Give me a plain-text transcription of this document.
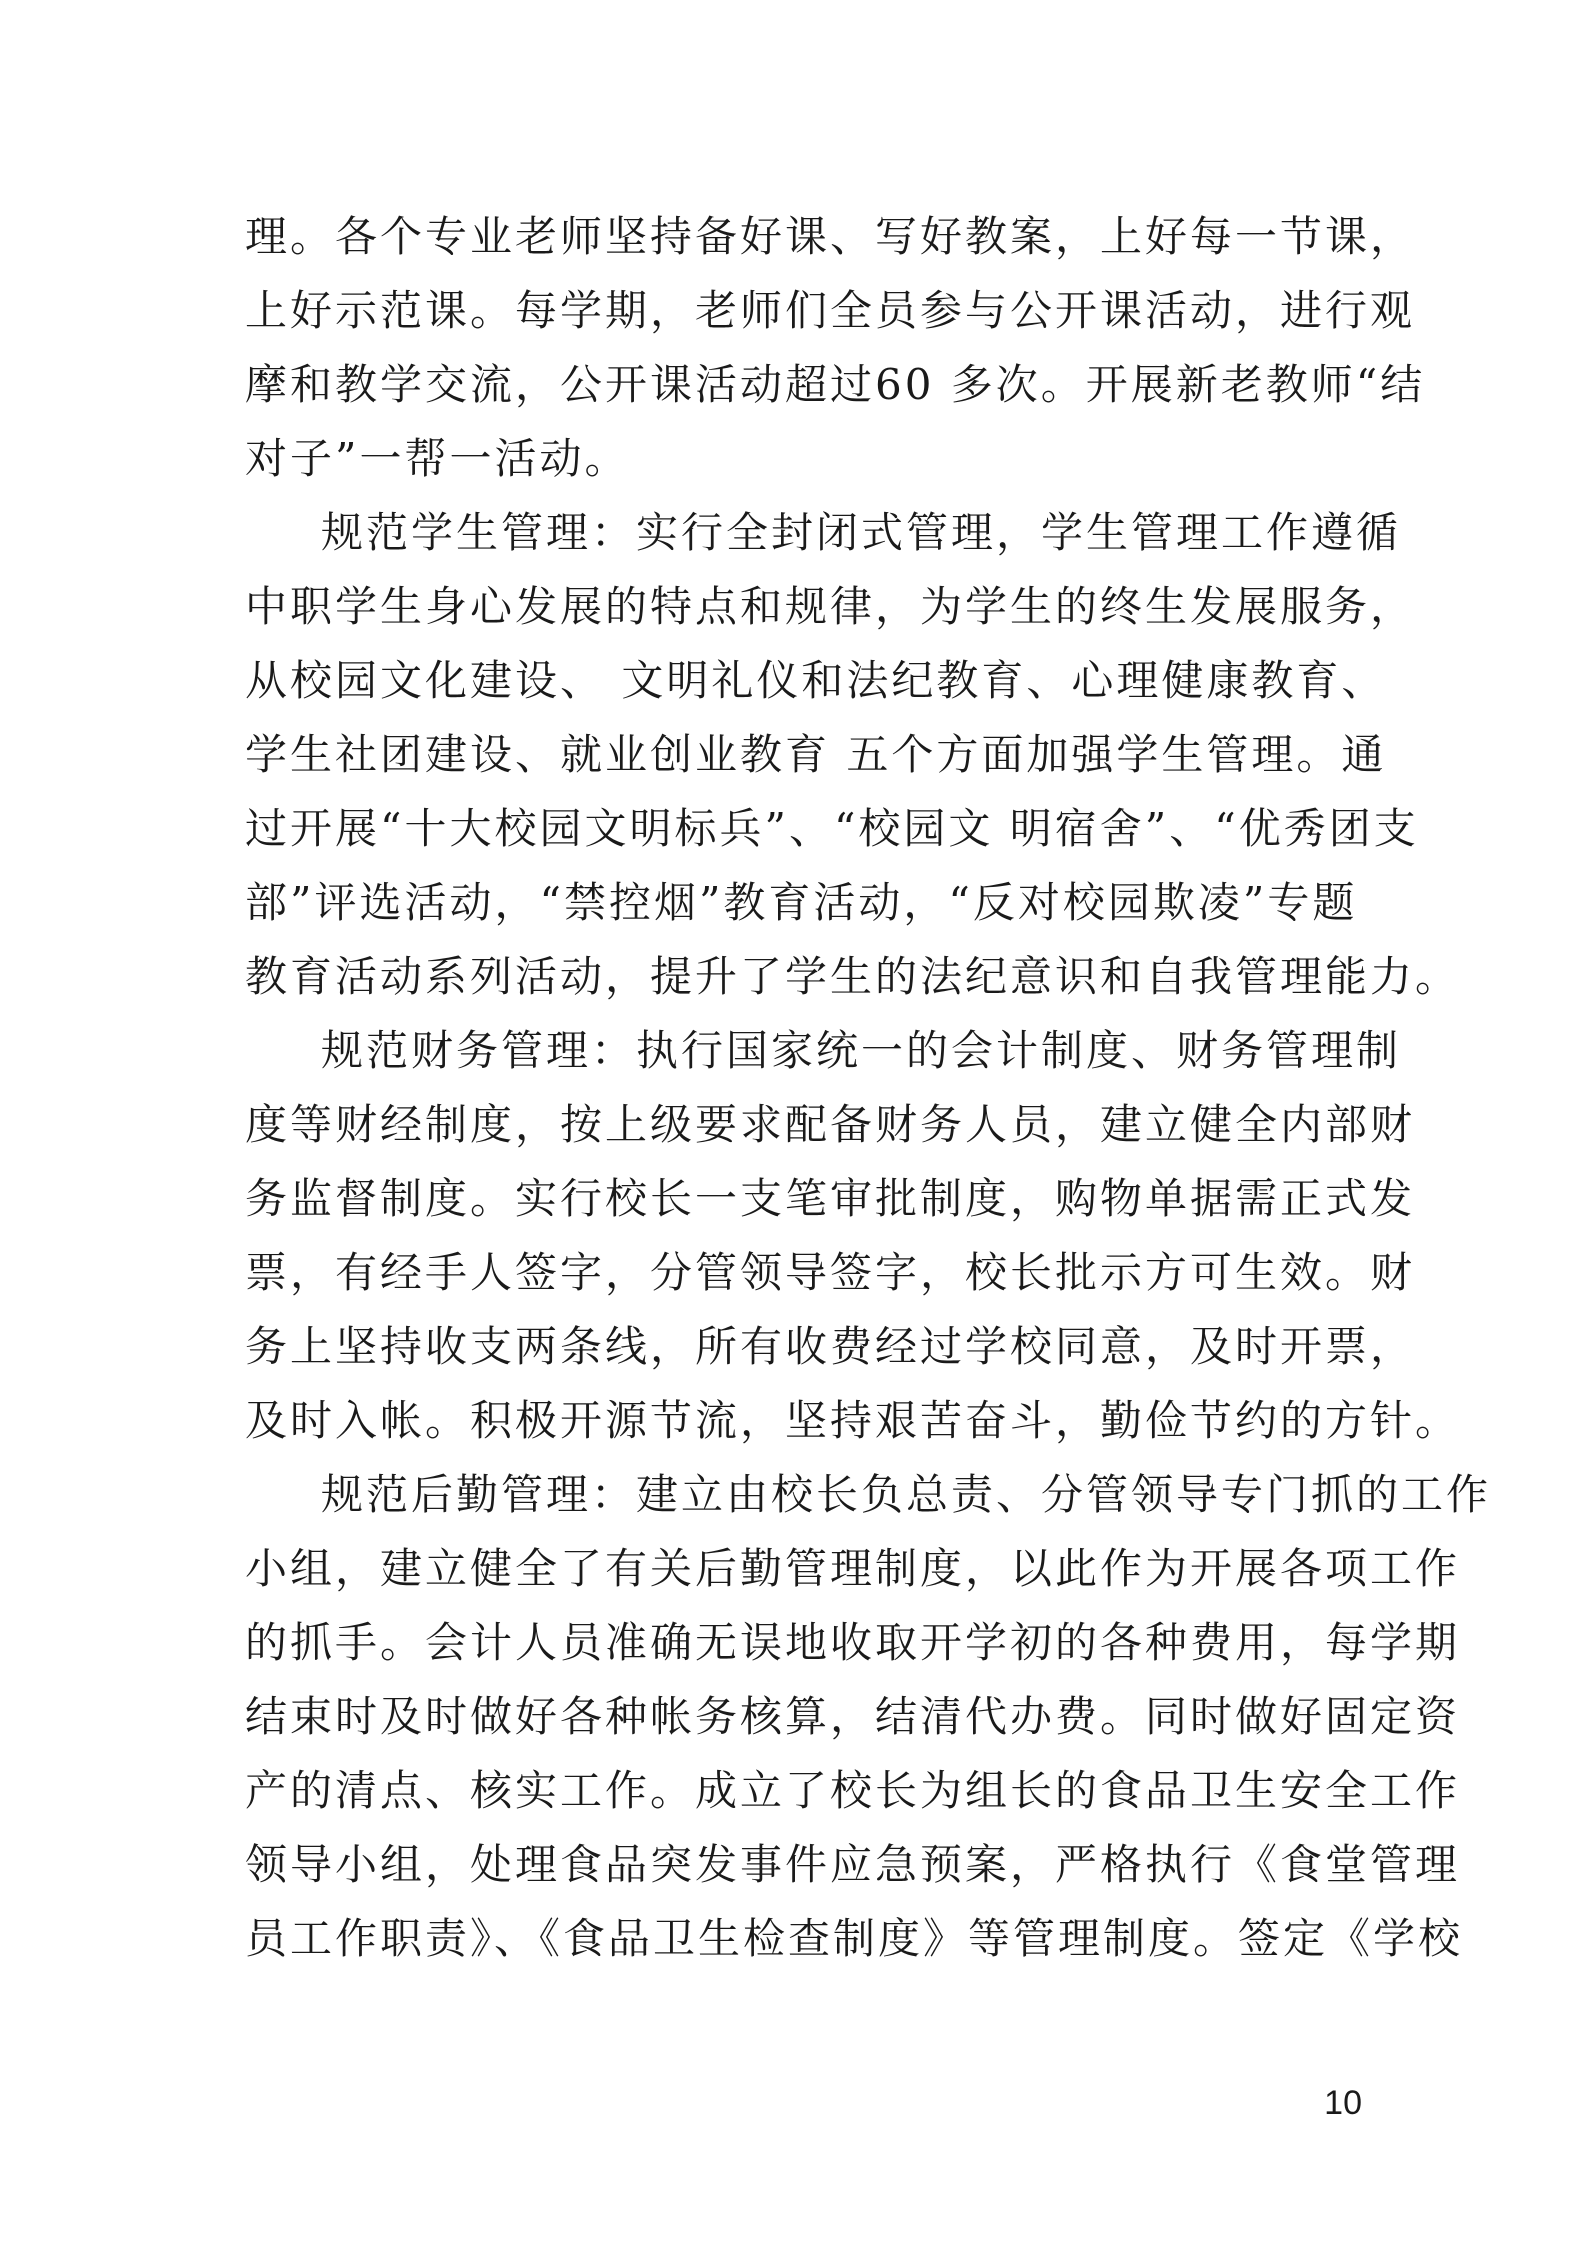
理。各个专业老师坚持备好课、写好教案，上好每一节课，
上好示范课。每学期，老师们全员参与公开课活动，进行观
摩和教学交流，公开课活动超过60 多次。开展新老教师“结
对子”一帮一活动。
规范学生管理：实行全封闭式管理，学生管理工作遵循
中职学生身心发展的特点和规律，为学生的终生发展服务，
从校园文化建设、 文明礼仪和法纪教育、心理健康教育、
学生社团建设、就业创业教育 五个方面加强学生管理。通
过开展“十大校园文明标兵”、“校园文 明宿舍”、“优秀团支
部”评选活动，“禁控烟”教育活动，“反对校园欺凌”专题
教育活动系列活动，提升了学生的法纪意识和自我管理能力。
规范财务管理：执行国家统一的会计制度、财务管理制
度等财经制度，按上级要求配备财务人员，建立健全内部财
务监督制度。实行校长一支笔审批制度，购物单据需正式发
票，有经手人签字，分管领导签字，校长批示方可生效。财
务上坚持收支两条线，所有收费经过学校同意，及时开票，
及时入帐。积极开源节流，坚持艰苦奋斗，勤俭节约的方针。
规范后勤管理：建立由校长负总责、分管领导专门抓的工作
小组，建立健全了有关后勤管理制度，以此作为开展各项工作
的抓手。会计人员准确无误地收取开学初的各种费用，每学期
结束时及时做好各种帐务核算，结清代办费。同时做好固定资
产的清点、核实工作。成立了校长为组长的食品卫生安全工作
领导小组，处理食品突发事件应急预案，严格执行《食堂管理
员工作职责》、《食品卫生检查制度》等管理制度。签定《学校
10
